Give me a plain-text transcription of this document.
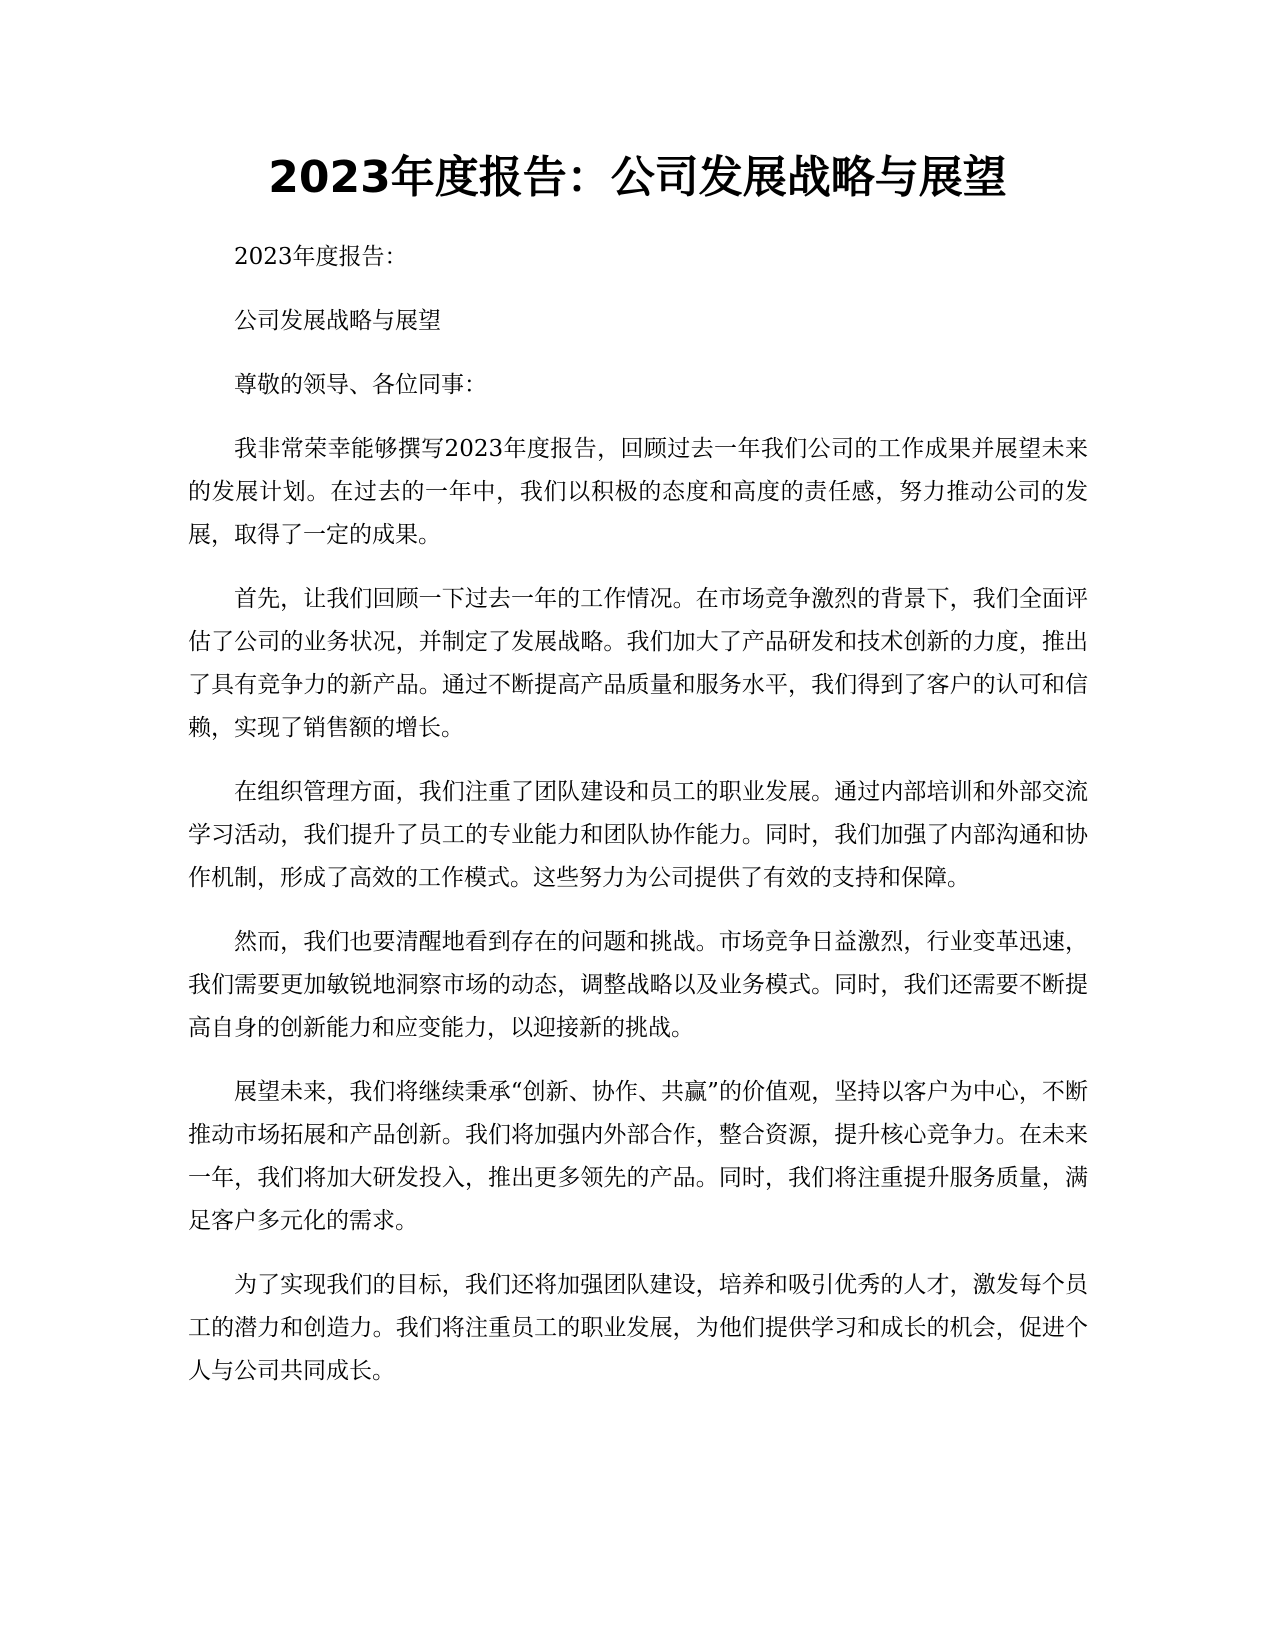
2023年度报告：公司发展战略与展望

2023年度报告：

公司发展战略与展望

尊敬的领导、各位同事：

我非常荣幸能够撰写2023年度报告，回顾过去一年我们公司的工作成果并展望未来的发展计划。在过去的一年中，我们以积极的态度和高度的责任感，努力推动公司的发展，取得了一定的成果。

首先，让我们回顾一下过去一年的工作情况。在市场竞争激烈的背景下，我们全面评估了公司的业务状况，并制定了发展战略。我们加大了产品研发和技术创新的力度，推出了具有竞争力的新产品。通过不断提高产品质量和服务水平，我们得到了客户的认可和信赖，实现了销售额的增长。

在组织管理方面，我们注重了团队建设和员工的职业发展。通过内部培训和外部交流学习活动，我们提升了员工的专业能力和团队协作能力。同时，我们加强了内部沟通和协作机制，形成了高效的工作模式。这些努力为公司提供了有效的支持和保障。

然而，我们也要清醒地看到存在的问题和挑战。市场竞争日益激烈，行业变革迅速，我们需要更加敏锐地洞察市场的动态，调整战略以及业务模式。同时，我们还需要不断提高自身的创新能力和应变能力，以迎接新的挑战。

展望未来，我们将继续秉承“创新、协作、共赢”的价值观，坚持以客户为中心，不断推动市场拓展和产品创新。我们将加强内外部合作，整合资源，提升核心竞争力。在未来一年，我们将加大研发投入，推出更多领先的产品。同时，我们将注重提升服务质量，满足客户多元化的需求。

为了实现我们的目标，我们还将加强团队建设，培养和吸引优秀的人才，激发每个员工的潜力和创造力。我们将注重员工的职业发展，为他们提供学习和成长的机会，促进个人与公司共同成长。
